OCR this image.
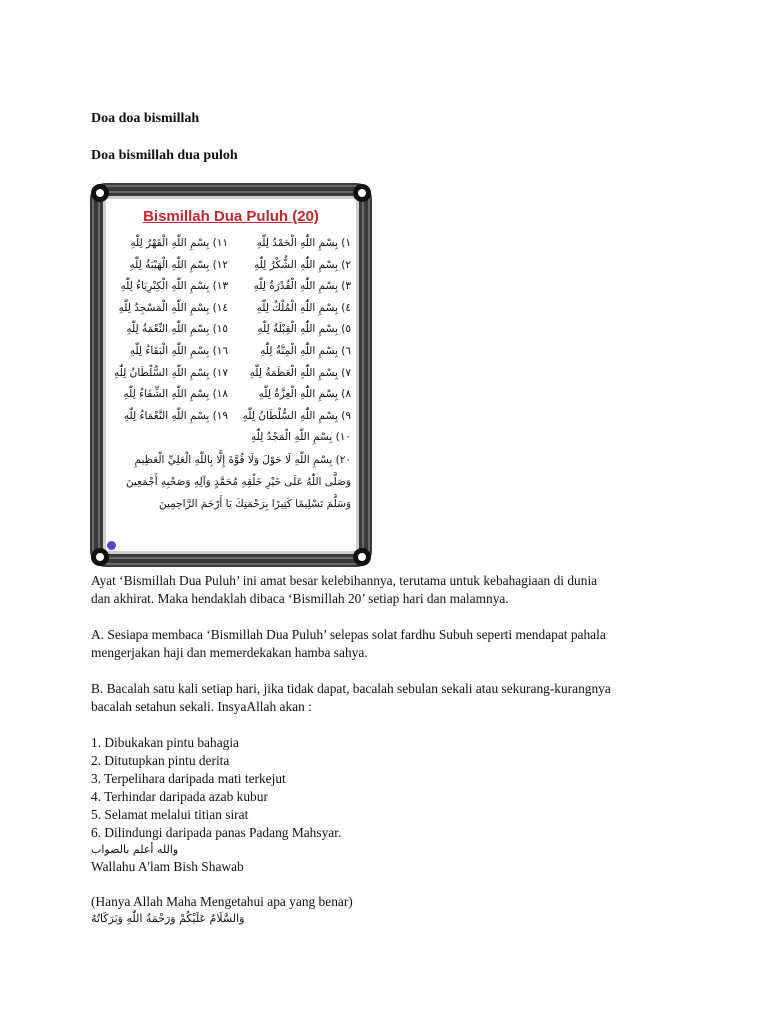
Doa doa bismillah
Doa bismillah dua puloh
Bismillah Dua Puluh (20)
١) بِسْمِ اللّٰهِ الْحَمْدُ لِلّٰهِ
١١) بِسْمِ اللّٰهِ الْقَهْرُ لِلّٰهِ
٢) بِسْمِ اللّٰهِ الشُّكْرُ لِلّٰهِ
١٢) بِسْمِ اللّٰهِ الْهَيْبَةُ لِلّٰهِ
٣) بِسْمِ اللّٰهِ الْقُدْرَةُ لِلّٰهِ
١٣) بِسْمِ اللّٰهِ الْكِبْرِيَاءُ لِلّٰهِ
٤) بِسْمِ اللّٰهِ الْمُلْكُ لِلّٰهِ
١٤) بِسْمِ اللّٰهِ الْمَسْجِدُ لِلّٰهِ
٥) بِسْمِ اللّٰهِ الْقِبْلَةُ لِلّٰهِ
١٥) بِسْمِ اللّٰهِ النِّعْمَةُ لِلّٰهِ
٦) بِسْمِ اللّٰهِ الْمِنَّةُ لِلّٰهِ
١٦) بِسْمِ اللّٰهِ الْبَقَاءُ لِلّٰهِ
٧) بِسْمِ اللّٰهِ الْعَظَمَةُ لِلّٰهِ
١٧) بِسْمِ اللّٰهِ السُّلْطَانُ لِلّٰهِ
٨) بِسْمِ اللّٰهِ الْعِزَّةُ لِلّٰهِ
١٨) بِسْمِ اللّٰهِ الشِّفَاءُ لِلّٰهِ
٩) بِسْمِ اللّٰهِ السُّلْطَانُ لِلّٰهِ
١٩) بِسْمِ اللّٰهِ النَّعْمَاءُ لِلّٰهِ
١٠) بِسْمِ اللّٰهِ الْمَجْدُ لِلّٰهِ
٢٠) بِسْمِ اللّٰهِ لَا حَوْلَ وَلَا قُوَّةَ إِلَّا بِاللّٰهِ الْعَلِيِّ الْعَظِيمِ
وَصَلَّى اللّٰهُ عَلَى خَيْرِ خَلْقِهِ مُحَمَّدٍ وَآلِهِ وَصَحْبِهِ أَجْمَعِينَ
وَسَلَّمَ تَسْلِيمًا كَثِيرًا بِرَحْمَتِكَ يَا أَرْحَمَ الرَّاحِمِينَ

Ayat ‘Bismillah Dua Puluh’ ini amat besar kelebihannya, terutama untuk kebahagiaan di dunia

dan akhirat. Maka hendaklah dibaca ‘Bismillah 20’ setiap hari dan malamnya.

A. Sesiapa membaca ‘Bismillah Dua Puluh’ selepas solat fardhu Subuh seperti mendapat pahala

mengerjakan haji dan memerdekakan hamba sahya.

B. Bacalah satu kali setiap hari, jika tidak dapat, bacalah sebulan sekali atau sekurang-kurangnya

bacalah setahun sekali. InsyaAllah akan :

1. Dibukakan pintu bahagia

2. Ditutupkan pintu derita

3. Terpelihara daripada mati terkejut

4. Terhindar daripada azab kubur

5. Selamat melalui titian sirat

6. Dilindungi daripada panas Padang Mahsyar.

والله أعلم بالصواب

Wallahu A'lam Bish Shawab

(Hanya Allah Maha Mengetahui apa yang benar)

وَالسَّلَامُ عَلَيْكُمْ وَرَحْمَةُ اللّٰهِ وَبَرَكَاتُهُ
